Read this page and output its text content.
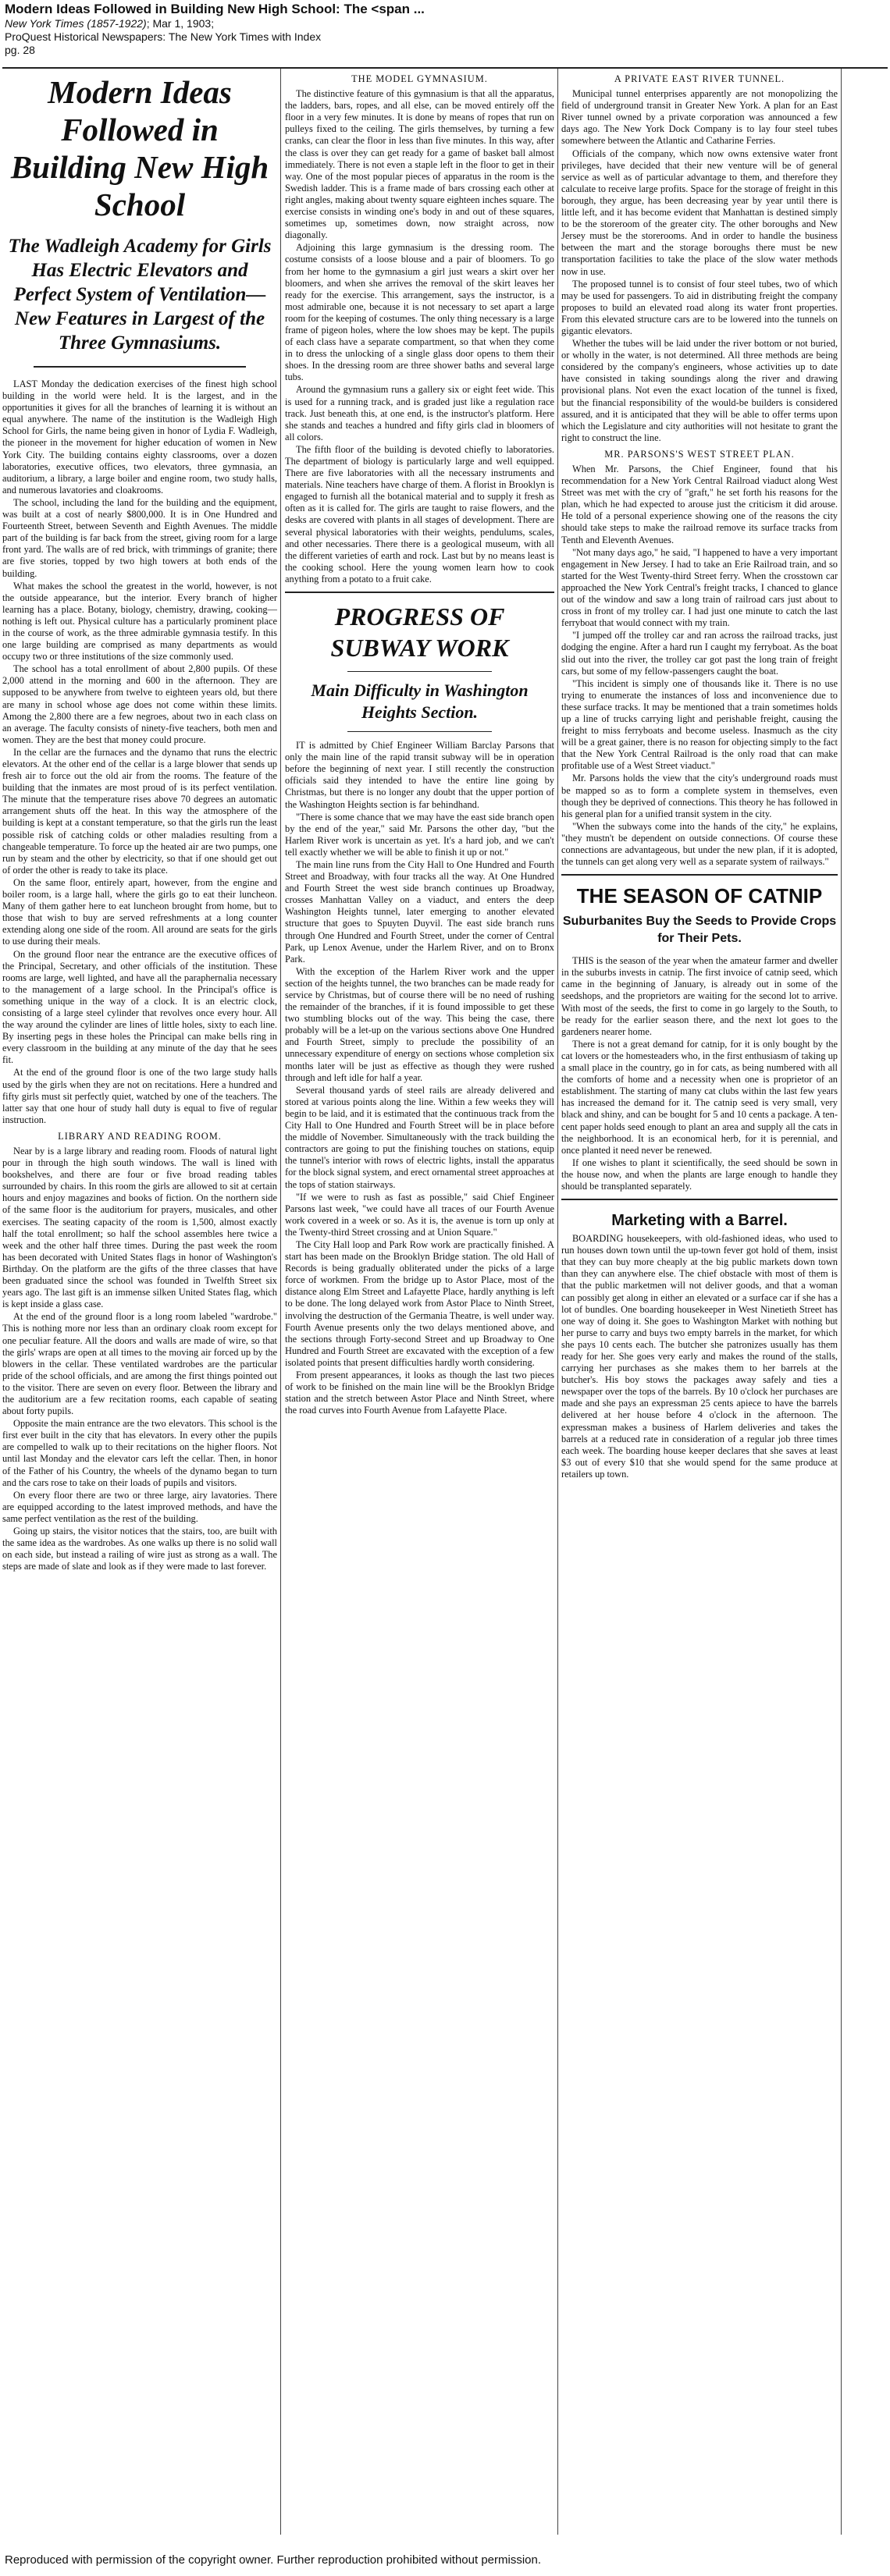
Modern Ideas Followed in Building New High School: The <span ...
New York Times (1857-1922); Mar 1, 1903;
ProQuest Historical Newspapers: The New York Times with Index
pg. 28
Modern Ideas Followed in Building New High School
The Wadleigh Academy for Girls Has Electric Elevators and Perfect System of Ventilation—New Features in Largest of the Three Gymnasiums.

LAST Monday the dedication exercises of the finest high school building in the world were held. It is the largest, and in the opportunities it gives for all the branches of learning it is without an equal anywhere. The name of the institution is the Wadleigh High School for Girls, the name being given in honor of Lydia F. Wadleigh, the pioneer in the movement for higher education of women in New York City. The building contains eighty classrooms, over a dozen laboratories, executive offices, two elevators, three gymnasia, an auditorium, a library, a large boiler and engine room, two study halls, and numerous lavatories and cloakrooms.

The school, including the land for the building and the equipment, was built at a cost of nearly $800,000. It is in One Hundred and Fourteenth Street, between Seventh and Eighth Avenues. The middle part of the building is far back from the street, giving room for a large front yard. The walls are of red brick, with trimmings of granite; there are five stories, topped by two high towers at both ends of the building.

What makes the school the greatest in the world, however, is not the outside appearance, but the interior. Every branch of higher learning has a place. Botany, biology, chemistry, drawing, cooking—nothing is left out. Physical culture has a particularly prominent place in the course of work, as the three admirable gymnasia testify. In this one large building are comprised as many departments as would occupy two or three institutions of the size commonly used.

The school has a total enrollment of about 2,800 pupils. Of these 2,000 attend in the morning and 600 in the afternoon. They are supposed to be anywhere from twelve to eighteen years old, but there are many in school whose age does not come within these limits. Among the 2,800 there are a few negroes, about two in each class on an average. The faculty consists of ninety-five teachers, both men and women. They are the best that money could procure.

In the cellar are the furnaces and the dynamo that runs the electric elevators. At the other end of the cellar is a large blower that sends up fresh air to force out the old air from the rooms. The feature of the building that the inmates are most proud of is its perfect ventilation. The minute that the temperature rises above 70 degrees an automatic arrangement shuts off the heat. In this way the atmosphere of the building is kept at a constant temperature, so that the girls run the least possible risk of catching colds or other maladies resulting from a changeable temperature. To force up the heated air are two pumps, one run by steam and the other by electricity, so that if one should get out of order the other is ready to take its place.

On the same floor, entirely apart, however, from the engine and boiler room, is a large hall, where the girls go to eat their luncheon. Many of them gather here to eat luncheon brought from home, but to those that wish to buy are served refreshments at a long counter extending along one side of the room. All around are seats for the girls to use during their meals.

On the ground floor near the entrance are the executive offices of the Principal, Secretary, and other officials of the institution. These rooms are large, well lighted, and have all the paraphernalia necessary to the management of a large school. In the Principal's office is something unique in the way of a clock. It is an electric clock, consisting of a large steel cylinder that revolves once every hour. All the way around the cylinder are lines of little holes, sixty to each line. By inserting pegs in these holes the Principal can make bells ring in every classroom in the building at any minute of the day that he sees fit.

At the end of the ground floor is one of the two large study halls used by the girls when they are not on recitations. Here a hundred and fifty girls must sit perfectly quiet, watched by one of the teachers. The latter say that one hour of study hall duty is equal to five of regular instruction.

LIBRARY AND READING ROOM.

Near by is a large library and reading room. Floods of natural light pour in through the high south windows. The wall is lined with bookshelves, and there are four or five broad reading tables surrounded by chairs. In this room the girls are allowed to sit at certain hours and enjoy magazines and books of fiction. On the northern side of the same floor is the auditorium for prayers, musicales, and other exercises. The seating capacity of the room is 1,500, almost exactly half the total enrollment; so half the school assembles here twice a week and the other half three times. During the past week the room has been decorated with United States flags in honor of Washington's Birthday. On the platform are the gifts of the three classes that have been graduated since the school was founded in Twelfth Street six years ago. The last gift is an immense silken United States flag, which is kept inside a glass case.

At the end of the ground floor is a long room labeled "wardrobe." This is nothing more nor less than an ordinary cloak room except for one peculiar feature. All the doors and walls are made of wire, so that the girls' wraps are open at all times to the moving air forced up by the blowers in the cellar. These ventilated wardrobes are the particular pride of the school officials, and are among the first things pointed out to the visitor. There are seven on every floor. Between the library and the auditorium are a few recitation rooms, each capable of seating about forty pupils.

Opposite the main entrance are the two elevators. This school is the first ever built in the city that has elevators. In every other the pupils are compelled to walk up to their recitations on the higher floors. Not until last Monday and the elevator cars left the cellar. Then, in honor of the Father of his Country, the wheels of the dynamo began to turn and the cars rose to take on their loads of pupils and visitors.

On every floor there are two or three large, airy lavatories. There are equipped according to the latest improved methods, and have the same perfect ventilation as the rest of the building.

Going up stairs, the visitor notices that the stairs, too, are built with the same idea as the wardrobes. As one walks up there is no solid wall on each side, but instead a railing of wire just as strong as a wall. The steps are made of slate and look as if they were made to last forever.

THE MODEL GYMNASIUM.

The distinctive feature of this gymnasium is that all the apparatus, the ladders, bars, ropes, and all else, can be moved entirely off the floor in a very few minutes. It is done by means of ropes that run on pulleys fixed to the ceiling. The girls themselves, by turning a few cranks, can clear the floor in less than five minutes. In this way, after the class is over they can get ready for a game of basket ball almost immediately. There is not even a staple left in the floor to get in their way. One of the most popular pieces of apparatus in the room is the Swedish ladder. This is a frame made of bars crossing each other at right angles, making about twenty square eighteen inches square. The exercise consists in winding one's body in and out of these squares, sometimes up, sometimes down, now straight across, now diagonally.

Adjoining this large gymnasium is the dressing room. The costume consists of a loose blouse and a pair of bloomers. To go from her home to the gymnasium a girl just wears a skirt over her bloomers, and when she arrives the removal of the skirt leaves her ready for the exercise. This arrangement, says the instructor, is a most admirable one, because it is not necessary to set apart a large room for the keeping of costumes. The only thing necessary is a large frame of pigeon holes, where the low shoes may be kept. The pupils of each class have a separate compartment, so that when they come in to dress the unlocking of a single glass door opens to them their shoes. In the dressing room are three shower baths and several large tubs.

Around the gymnasium runs a gallery six or eight feet wide. This is used for a running track, and is graded just like a regulation race track. Just beneath this, at one end, is the instructor's platform. Here she stands and teaches a hundred and fifty girls clad in bloomers of all colors.

The fifth floor of the building is devoted chiefly to laboratories. The department of biology is particularly large and well equipped. There are five laboratories with all the necessary instruments and materials. Nine teachers have charge of them. A florist in Brooklyn is engaged to furnish all the botanical material and to supply it fresh as often as it is called for. The girls are taught to raise flowers, and the desks are covered with plants in all stages of development. There are several physical laboratories with their weights, pendulums, scales, and other necessaries. There there is a geological museum, with all the different varieties of earth and rock. Last but by no means least is the cooking school. Here the young women learn how to cook anything from a potato to a fruit cake.

PROGRESS OF SUBWAY WORK
Main Difficulty in Washington Heights Section.

IT is admitted by Chief Engineer William Barclay Parsons that only the main line of the rapid transit subway will be in operation before the beginning of next year. I still recently the construction officials said they intended to have the entire line going by Christmas, but there is no longer any doubt that the upper portion of the Washington Heights section is far behindhand.

"There is some chance that we may have the east side branch open by the end of the year," said Mr. Parsons the other day, "but the Harlem River work is uncertain as yet. It's a hard job, and we can't tell exactly whether we will be able to finish it up or not."

The main line runs from the City Hall to One Hundred and Fourth Street and Broadway, with four tracks all the way. At One Hundred and Fourth Street the west side branch continues up Broadway, crosses Manhattan Valley on a viaduct, and enters the deep Washington Heights tunnel, later emerging to another elevated structure that goes to Spuyten Duyvil. The east side branch runs through One Hundred and Fourth Street, under the corner of Central Park, up Lenox Avenue, under the Harlem River, and on to Bronx Park.

With the exception of the Harlem River work and the upper section of the heights tunnel, the two branches can be made ready for service by Christmas, but of course there will be no need of rushing the remainder of the branches, if it is found impossible to get these two stumbling blocks out of the way. This being the case, there probably will be a let-up on the various sections above One Hundred and Fourth Street, simply to preclude the possibility of an unnecessary expenditure of energy on sections whose completion six months later will be just as effective as though they were rushed through and left idle for half a year.

Several thousand yards of steel rails are already delivered and stored at various points along the line. Within a few weeks they will begin to be laid, and it is estimated that the continuous track from the City Hall to One Hundred and Fourth Street will be in place before the middle of November. Simultaneously with the track building the contractors are going to put the finishing touches on stations, equip the tunnel's interior with rows of electric lights, install the apparatus for the block signal system, and erect ornamental street approaches at the tops of station stairways.

"If we were to rush as fast as possible," said Chief Engineer Parsons last week, "we could have all traces of our Fourth Avenue work covered in a week or so. As it is, the avenue is torn up only at the Twenty-third Street crossing and at Union Square."

The City Hall loop and Park Row work are practically finished. A start has been made on the Brooklyn Bridge station. The old Hall of Records is being gradually obliterated under the picks of a large force of workmen. From the bridge up to Astor Place, most of the distance along Elm Street and Lafayette Place, hardly anything is left to be done. The long delayed work from Astor Place to Ninth Street, involving the destruction of the Germania Theatre, is well under way. Fourth Avenue presents only the two delays mentioned above, and the sections through Forty-second Street and up Broadway to One Hundred and Fourth Street are excavated with the exception of a few isolated points that present difficulties hardly worth considering.

From present appearances, it looks as though the last two pieces of work to be finished on the main line will be the Brooklyn Bridge station and the stretch between Astor Place and Ninth Street, where the road curves into Fourth Avenue from Lafayette Place.

A PRIVATE EAST RIVER TUNNEL.

Municipal tunnel enterprises apparently are not monopolizing the field of underground transit in Greater New York. A plan for an East River tunnel owned by a private corporation was announced a few days ago. The New York Dock Company is to lay four steel tubes somewhere between the Atlantic and Catharine Ferries.

Officials of the company, which now owns extensive water front privileges, have decided that their new venture will be of general service as well as of particular advantage to them, and therefore they calculate to receive large profits. Space for the storage of freight in this borough, they argue, has been decreasing year by year until there is little left, and it has become evident that Manhattan is destined simply to be the storeroom of the greater city. The other boroughs and New Jersey must be the storerooms. And in order to handle the business between the mart and the storage boroughs there must be new transportation facilities to take the place of the slow water methods now in use.

The proposed tunnel is to consist of four steel tubes, two of which may be used for passengers. To aid in distributing freight the company proposes to build an elevated road along its water front properties. From this elevated structure cars are to be lowered into the tunnels on gigantic elevators.

Whether the tubes will be laid under the river bottom or not buried, or wholly in the water, is not determined. All three methods are being considered by the company's engineers, whose activities up to date have consisted in taking soundings along the river and drawing provisional plans. Not even the exact location of the tunnel is fixed, but the financial responsibility of the would-be builders is considered assured, and it is anticipated that they will be able to offer terms upon which the Legislature and city authorities will not hesitate to grant the right to construct the line.

MR. PARSONS'S WEST STREET PLAN.

When Mr. Parsons, the Chief Engineer, found that his recommendation for a New York Central Railroad viaduct along West Street was met with the cry of "graft," he set forth his reasons for the plan, which he had expected to arouse just the criticism it did arouse. He told of a personal experience showing one of the reasons the city should take steps to make the railroad remove its surface tracks from Tenth and Eleventh Avenues.

"Not many days ago," he said, "I happened to have a very important engagement in New Jersey. I had to take an Erie Railroad train, and so started for the West Twenty-third Street ferry. When the crosstown car approached the New York Central's freight tracks, I chanced to glance out of the window and saw a long train of railroad cars just about to cross in front of my trolley car. I had just one minute to catch the last ferryboat that would connect with my train.

"I jumped off the trolley car and ran across the railroad tracks, just dodging the engine. After a hard run I caught my ferryboat. As the boat slid out into the river, the trolley car got past the long train of freight cars, but some of my fellow-passengers caught the boat.

"This incident is simply one of thousands like it. There is no use trying to enumerate the instances of loss and inconvenience due to these surface tracks. It may be mentioned that a train sometimes holds up a line of trucks carrying light and perishable freight, causing the freight to miss ferryboats and become useless. Inasmuch as the city will be a great gainer, there is no reason for objecting simply to the fact that the New York Central Railroad is the only road that can make profitable use of a West Street viaduct."

Mr. Parsons holds the view that the city's underground roads must be mapped so as to form a complete system in themselves, even though they be deprived of connections. This theory he has followed in his general plan for a unified transit system in the city.

"When the subways come into the hands of the city," he explains, "they mustn't be dependent on outside connections. Of course these connections are advantageous, but under the new plan, if it is adopted, the tunnels can get along very well as a separate system of railways."

THE SEASON OF CATNIP
Suburbanites Buy the Seeds to Provide Crops for Their Pets.

THIS is the season of the year when the amateur farmer and dweller in the suburbs invests in catnip. The first invoice of catnip seed, which came in the beginning of January, is already out in some of the seedshops, and the proprietors are waiting for the second lot to arrive. With most of the seeds, the first to come in go largely to the South, to be ready for the earlier season there, and the next lot goes to the gardeners nearer home.

There is not a great demand for catnip, for it is only bought by the cat lovers or the homesteaders who, in the first enthusiasm of taking up a small place in the country, go in for cats, as being numbered with all the comforts of home and a necessity when one is proprietor of an establishment. The starting of many cat clubs within the last few years has increased the demand for it. The catnip seed is very small, very black and shiny, and can be bought for 5 and 10 cents a package. A ten-cent paper holds seed enough to plant an area and supply all the cats in the neighborhood. It is an economical herb, for it is perennial, and once planted it need never be renewed.

If one wishes to plant it scientifically, the seed should be sown in the house now, and when the plants are large enough to handle they should be transplanted separately.

Marketing with a Barrel.

BOARDING housekeepers, with old-fashioned ideas, who used to run houses down town until the up-town fever got hold of them, insist that they can buy more cheaply at the big public markets down town than they can anywhere else. The chief obstacle with most of them is that the public marketmen will not deliver goods, and that a woman can possibly get along in either an elevated or a surface car if she has a lot of bundles. One boarding housekeeper in West Ninetieth Street has one way of doing it. She goes to Washington Market with nothing but her purse to carry and buys two empty barrels in the market, for which she pays 10 cents each. The butcher she patronizes usually has them ready for her. She goes very early and makes the round of the stalls, carrying her purchases as she makes them to her barrels at the butcher's. His boy stows the packages away safely and ties a newspaper over the tops of the barrels. By 10 o'clock her purchases are made and she pays an expressman 25 cents apiece to have the barrels delivered at her house before 4 o'clock in the afternoon. The expressman makes a business of Harlem deliveries and takes the barrels at a reduced rate in consideration of a regular job three times each week. The boarding house keeper declares that she saves at least $3 out of every $10 that she would spend for the same produce at retailers up town.

Reproduced with permission of the copyright owner. Further reproduction prohibited without permission.
